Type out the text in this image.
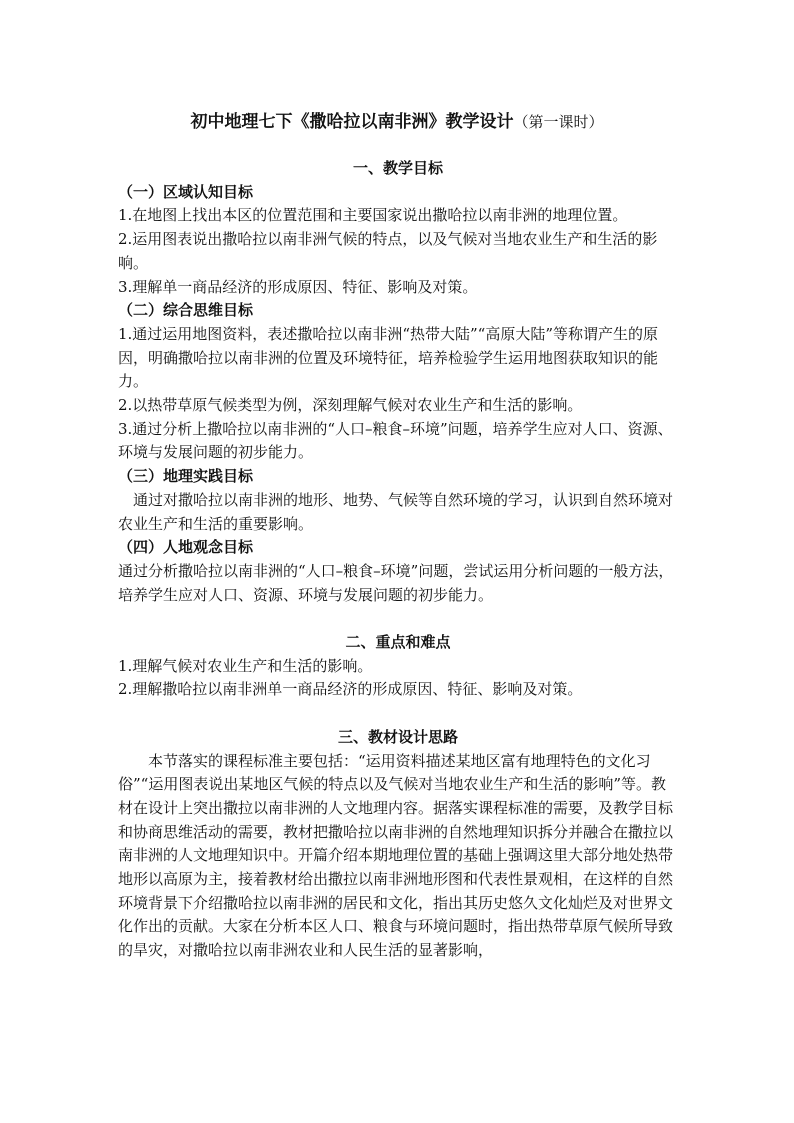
初中地理七下《撒哈拉以南非洲》教学设计（第一课时）

一、教学目标

（一）区域认知目标

1.在地图上找出本区的位置范围和主要国家说出撒哈拉以南非洲的地理位置。

2.运用图表说出撒哈拉以南非洲气候的特点，以及气候对当地农业生产和生活的影响。

3.理解单一商品经济的形成原因、特征、影响及对策。

（二）综合思维目标

1.通过运用地图资料，表述撒哈拉以南非洲“热带大陆”“高原大陆”等称谓产生的原因，明确撒哈拉以南非洲的位置及环境特征，培养检验学生运用地图获取知识的能力。

2.以热带草原气候类型为例，深刻理解气候对农业生产和生活的影响。

3.通过分析上撒哈拉以南非洲的“人口–粮食–环境”问题，培养学生应对人口、资源、环境与发展问题的初步能力。

（三）地理实践目标

通过对撒哈拉以南非洲的地形、地势、气候等自然环境的学习，认识到自然环境对农业生产和生活的重要影响。

（四）人地观念目标

通过分析撒哈拉以南非洲的“人口–粮食–环境”问题，尝试运用分析问题的一般方法，培养学生应对人口、资源、环境与发展问题的初步能力。

二、重点和难点

1.理解气候对农业生产和生活的影响。

2.理解撒哈拉以南非洲单一商品经济的形成原因、特征、影响及对策。

三、教材设计思路

本节落实的课程标准主要包括：“运用资料描述某地区富有地理特色的文化习俗”“运用图表说出某地区气候的特点以及气候对当地农业生产和生活的影响”等。教材在设计上突出撒拉以南非洲的人文地理内容。据落实课程标准的需要，及教学目标和协商思维活动的需要，教材把撒哈拉以南非洲的自然地理知识拆分并融合在撒拉以南非洲的人文地理知识中。开篇介绍本期地理位置的基础上强调这里大部分地处热带地形以高原为主，接着教材给出撒拉以南非洲地形图和代表性景观相，在这样的自然环境背景下介绍撒哈拉以南非洲的居民和文化，指出其历史悠久文化灿烂及对世界文化作出的贡献。大家在分析本区人口、粮食与环境问题时，指出热带草原气候所导致的旱灾，对撒哈拉以南非洲农业和人民生活的显著影响，
